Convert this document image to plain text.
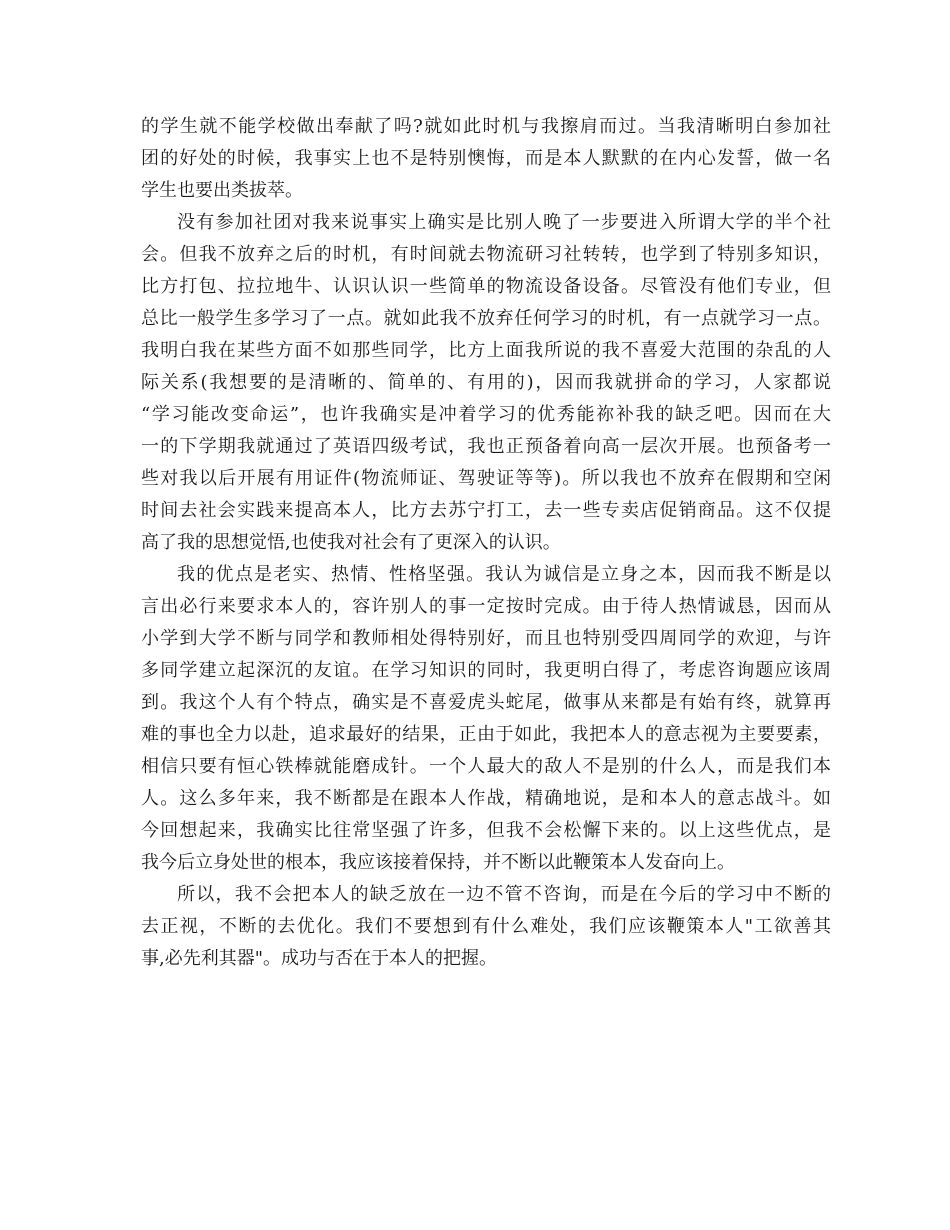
的学生就不能学校做出奉献了吗?就如此时机与我擦肩而过。当我清晰明白参加社
团的好处的时候，我事实上也不是特别懊悔，而是本人默默的在内心发誓，做一名
学生也要出类拔萃。
没有参加社团对我来说事实上确实是比别人晚了一步要进入所谓大学的半个社
会。但我不放弃之后的时机，有时间就去物流研习社转转，也学到了特别多知识，
比方打包、拉拉地牛、认识认识一些简单的物流设备设备。尽管没有他们专业，但
总比一般学生多学习了一点。就如此我不放弃任何学习的时机，有一点就学习一点。
我明白我在某些方面不如那些同学，比方上面我所说的我不喜爱大范围的杂乱的人
际关系(我想要的是清晰的、简单的、有用的)，因而我就拼命的学习，人家都说
“学习能改变命运”，也许我确实是冲着学习的优秀能祢补我的缺乏吧。因而在大
一的下学期我就通过了英语四级考试，我也正预备着向高一层次开展。也预备考一
些对我以后开展有用证件(物流师证、驾驶证等等)。所以我也不放弃在假期和空闲
时间去社会实践来提高本人，比方去苏宁打工，去一些专卖店促销商品。这不仅提
高了我的思想觉悟,也使我对社会有了更深入的认识。
我的优点是老实、热情、性格坚强。我认为诚信是立身之本，因而我不断是以
言出必行来要求本人的，容许别人的事一定按时完成。由于待人热情诚恳，因而从
小学到大学不断与同学和教师相处得特别好，而且也特别受四周同学的欢迎，与许
多同学建立起深沉的友谊。在学习知识的同时，我更明白得了，考虑咨询题应该周
到。我这个人有个特点，确实是不喜爱虎头蛇尾，做事从来都是有始有终，就算再
难的事也全力以赴，追求最好的结果，正由于如此，我把本人的意志视为主要要素，
相信只要有恒心铁棒就能磨成针。一个人最大的敌人不是别的什么人，而是我们本
人。这么多年来，我不断都是在跟本人作战，精确地说，是和本人的意志战斗。如
今回想起来，我确实比往常坚强了许多，但我不会松懈下来的。以上这些优点，是
我今后立身处世的根本，我应该接着保持，并不断以此鞭策本人发奋向上。
所以，我不会把本人的缺乏放在一边不管不咨询，而是在今后的学习中不断的
去正视，不断的去优化。我们不要想到有什么难处，我们应该鞭策本人"工欲善其
事,必先利其器"。成功与否在于本人的把握。
